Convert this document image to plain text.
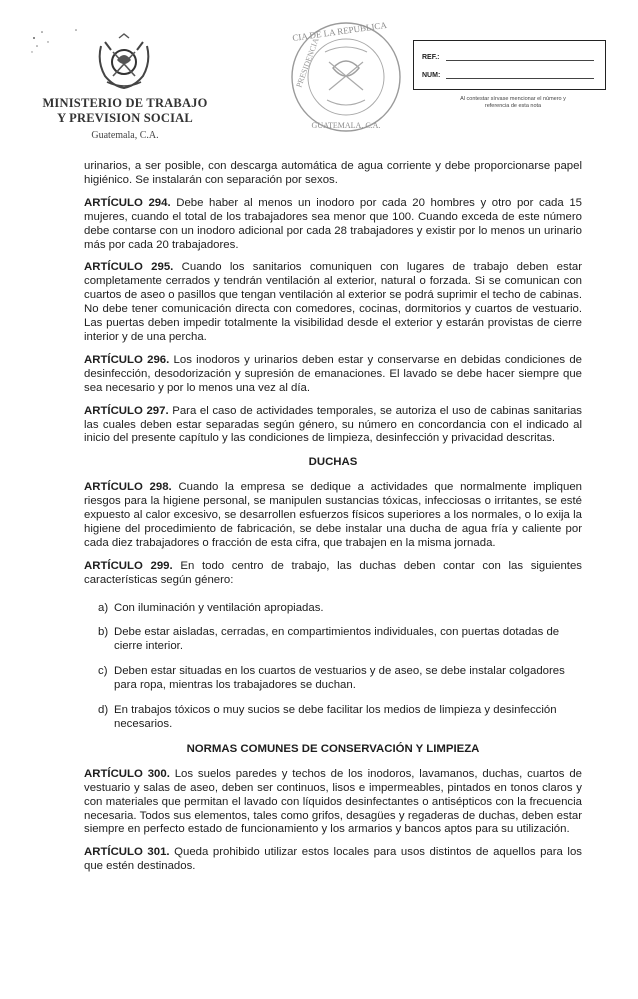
MINISTERIO DE TRABAJO
Y PREVISION SOCIAL
Guatemala, C.A.
CIA DE LA REPUBLICA
GUATEMALA, C.A.
PRESIDENCIA	REF.:
NUM:
Al contestar sírvase mencionar el número y
referencia de esta nota

urinarios, a ser posible, con descarga automática de agua corriente y debe proporcionarse papel higiénico. Se instalarán con separación por sexos.

ARTÍCULO 294. Debe haber al menos un inodoro por cada 20 hombres y otro por cada 15 mujeres, cuando el total de los trabajadores sea menor que 100. Cuando exceda de este número debe contarse con un inodoro adicional por cada 28 trabajadores y existir por lo menos un urinario más por cada 20 trabajadores.

ARTÍCULO 295. Cuando los sanitarios comuniquen con lugares de trabajo deben estar completamente cerrados y tendrán ventilación al exterior, natural o forzada. Si se comunican con cuartos de aseo o pasillos que tengan ventilación al exterior se podrá suprimir el techo de cabinas. No debe tener comunicación directa con comedores, cocinas, dormitorios y cuartos de vestuario. Las puertas deben impedir totalmente la visibilidad desde el exterior y estarán provistas de cierre interior y de una percha.

ARTÍCULO 296. Los inodoros y urinarios deben estar y conservarse en debidas condiciones de desinfección, desodorización y supresión de emanaciones. El lavado se debe hacer siempre que sea necesario y por lo menos una vez al día.

ARTÍCULO 297. Para el caso de actividades temporales, se autoriza el uso de cabinas sanitarias las cuales deben estar separadas según género, su número en concordancia con el indicado al inicio del presente capítulo y las condiciones de limpieza, desinfección y privacidad descritas.

DUCHAS

ARTÍCULO 298. Cuando la empresa se dedique a actividades que normalmente impliquen riesgos para la higiene personal, se manipulen sustancias tóxicas, infecciosas o irritantes, se esté expuesto al calor excesivo, se desarrollen esfuerzos físicos superiores a los normales, o lo exija la higiene del procedimiento de fabricación, se debe instalar una ducha de agua fría y caliente por cada diez trabajadores o fracción de esta cifra, que trabajen en la misma jornada.

ARTÍCULO 299. En todo centro de trabajo, las duchas deben contar con las siguientes características según género:

a) Con iluminación y ventilación apropiadas.
b) Debe estar aisladas, cerradas, en compartimientos individuales, con puertas dotadas de cierre interior.
c) Deben estar situadas en los cuartos de vestuarios y de aseo, se debe instalar colgadores para ropa, mientras los trabajadores se duchan.
d) En trabajos tóxicos o muy sucios se debe facilitar los medios de limpieza y desinfección necesarios.
NORMAS COMUNES DE CONSERVACIÓN Y LIMPIEZA

ARTÍCULO 300. Los suelos paredes y techos de los inodoros, lavamanos, duchas, cuartos de vestuario y salas de aseo, deben ser continuos, lisos e impermeables, pintados en tonos claros y con materiales que permitan el lavado con líquidos desinfectantes o antisépticos con la frecuencia necesaria. Todos sus elementos, tales como grifos, desagües y regaderas de duchas, deben estar siempre en perfecto estado de funcionamiento y los armarios y bancos aptos para su utilización.

ARTÍCULO 301. Queda prohibido utilizar estos locales para usos distintos de aquellos para los que estén destinados.
